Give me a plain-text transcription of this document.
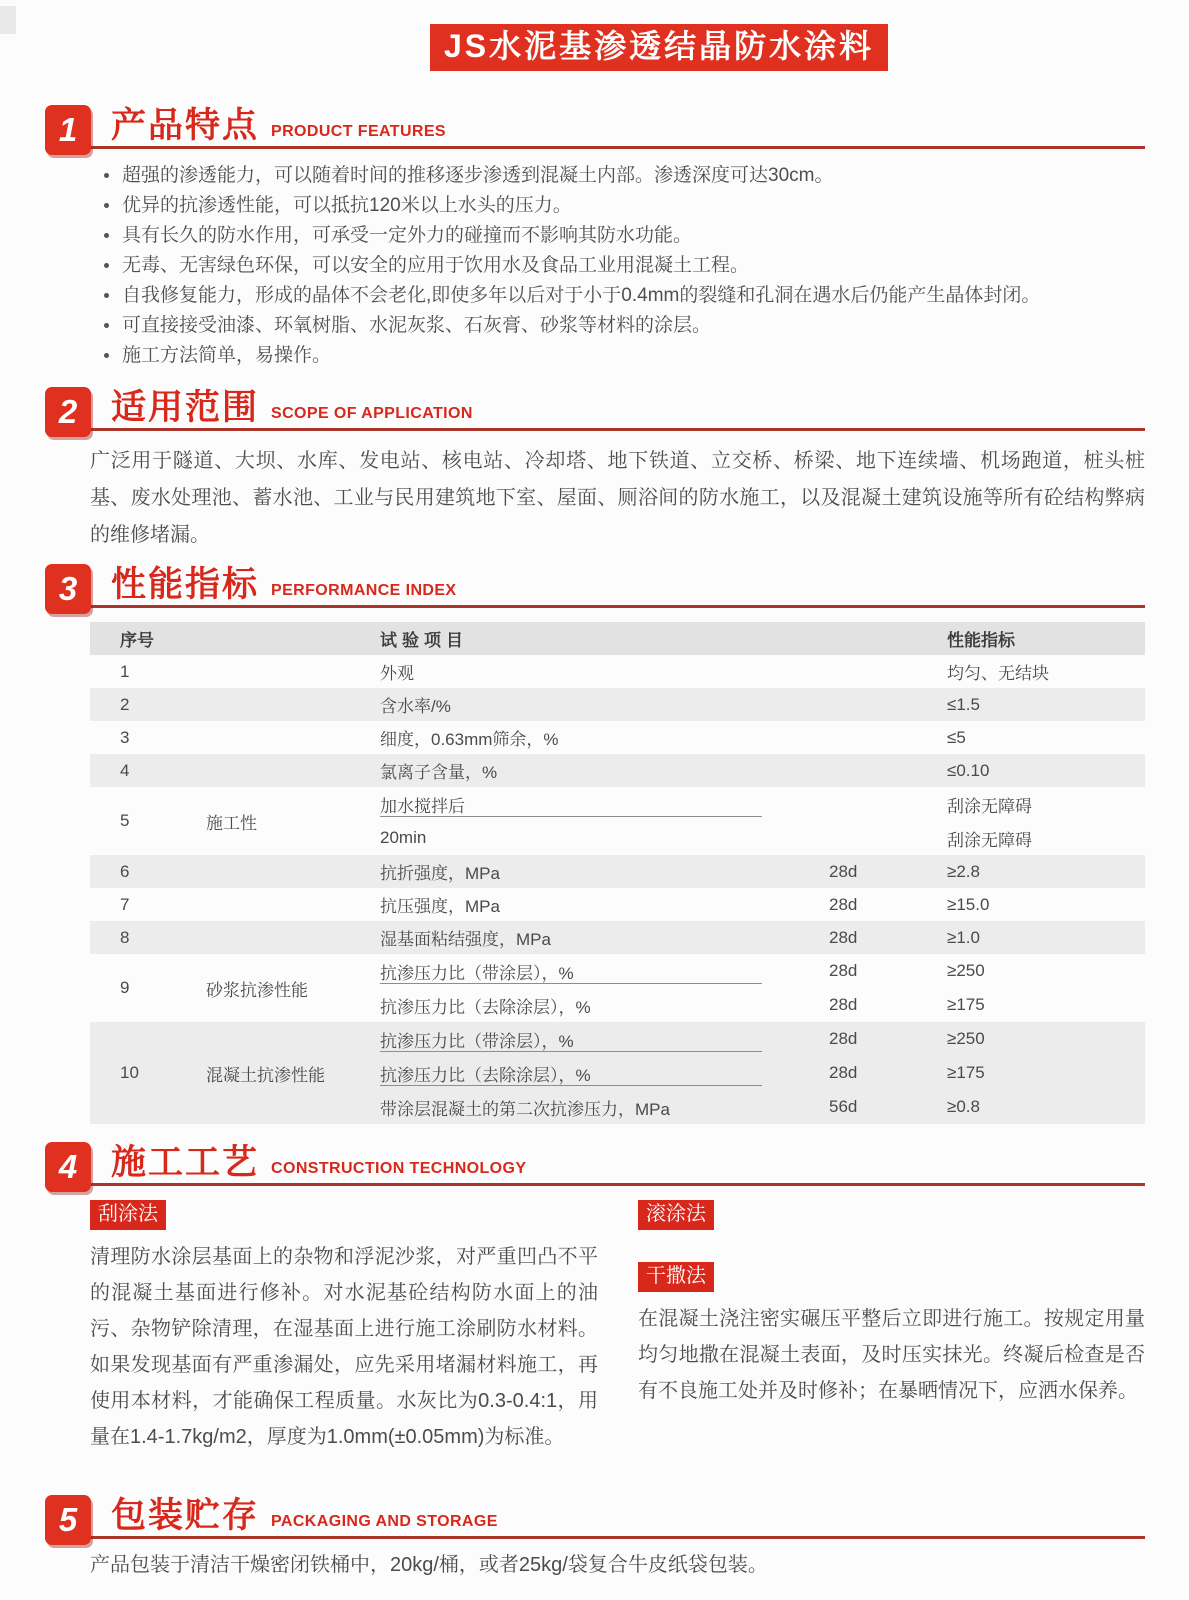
JS水泥基渗透结晶防水涂料
1 产品特点 PRODUCT FEATURES
超强的渗透能力，可以随着时间的推移逐步渗透到混凝土内部。渗透深度可达30cm。
优异的抗渗透性能，可以抵抗120米以上水头的压力。
具有长久的防水作用，可承受一定外力的碰撞而不影响其防水功能。
无毒、无害绿色环保，可以安全的应用于饮用水及食品工业用混凝土工程。
自我修复能力，形成的晶体不会老化,即使多年以后对于小于0.4mm的裂缝和孔洞在遇水后仍能产生晶体封闭。
可直接接受油漆、环氧树脂、水泥灰浆、石灰膏、砂浆等材料的涂层。
施工方法简单，易操作。
2 适用范围 SCOPE OF APPLICATION

广泛用于隧道、大坝、水库、发电站、核电站、冷却塔、地下铁道、立交桥、桥梁、地下连续墙、机场跑道，桩头桩基、废水处理池、蓄水池、工业与民用建筑地下室、屋面、厕浴间的防水施工，以及混凝土建筑设施等所有砼结构弊病的维修堵漏。

3 性能指标 PERFORMANCE INDEX
序号	试验项目	性能指标
1	外观	均匀、无结块
2	含水率/%	≤1.5
3	细度，0.63mm筛余，%	≤5
4	氯离子含量，%	≤0.10
5	施工性
加水搅拌后	刮涂无障碍
20min	刮涂无障碍
6	抗折强度，MPa	28d	≥2.8
7	抗压强度，MPa	28d	≥15.0
8	湿基面粘结强度，MPa	28d	≥1.0
9	砂浆抗渗性能
抗渗压力比（带涂层），%	28d	≥250
抗渗压力比（去除涂层），%	28d	≥175
10	混凝土抗渗性能
抗渗压力比（带涂层），%	28d	≥250
抗渗压力比（去除涂层），%	28d	≥175
带涂层混凝土的第二次抗渗压力，MPa	56d	≥0.8
4 施工工艺 CONSTRUCTION TECHNOLOGY
刮涂法

清理防水涂层基面上的杂物和浮泥沙浆，对严重凹凸不平的混凝土基面进行修补。对水泥基砼结构防水面上的油污、杂物铲除清理，在湿基面上进行施工涂刷防水材料。如果发现基面有严重渗漏处，应先采用堵漏材料施工，再使用本材料，才能确保工程质量。水灰比为0.3-0.4:1，用量在1.4-1.7kg/m2，厚度为1.0mm(±0.05mm)为标准。

滚涂法
干撒法

在混凝土浇注密实碾压平整后立即进行施工。按规定用量均匀地撒在混凝土表面，及时压实抹光。终凝后检查是否有不良施工处并及时修补；在暴晒情况下，应洒水保养。

5 包装贮存 PACKAGING AND STORAGE

产品包装于清洁干燥密闭铁桶中，20kg/桶，或者25kg/袋复合牛皮纸袋包装。
